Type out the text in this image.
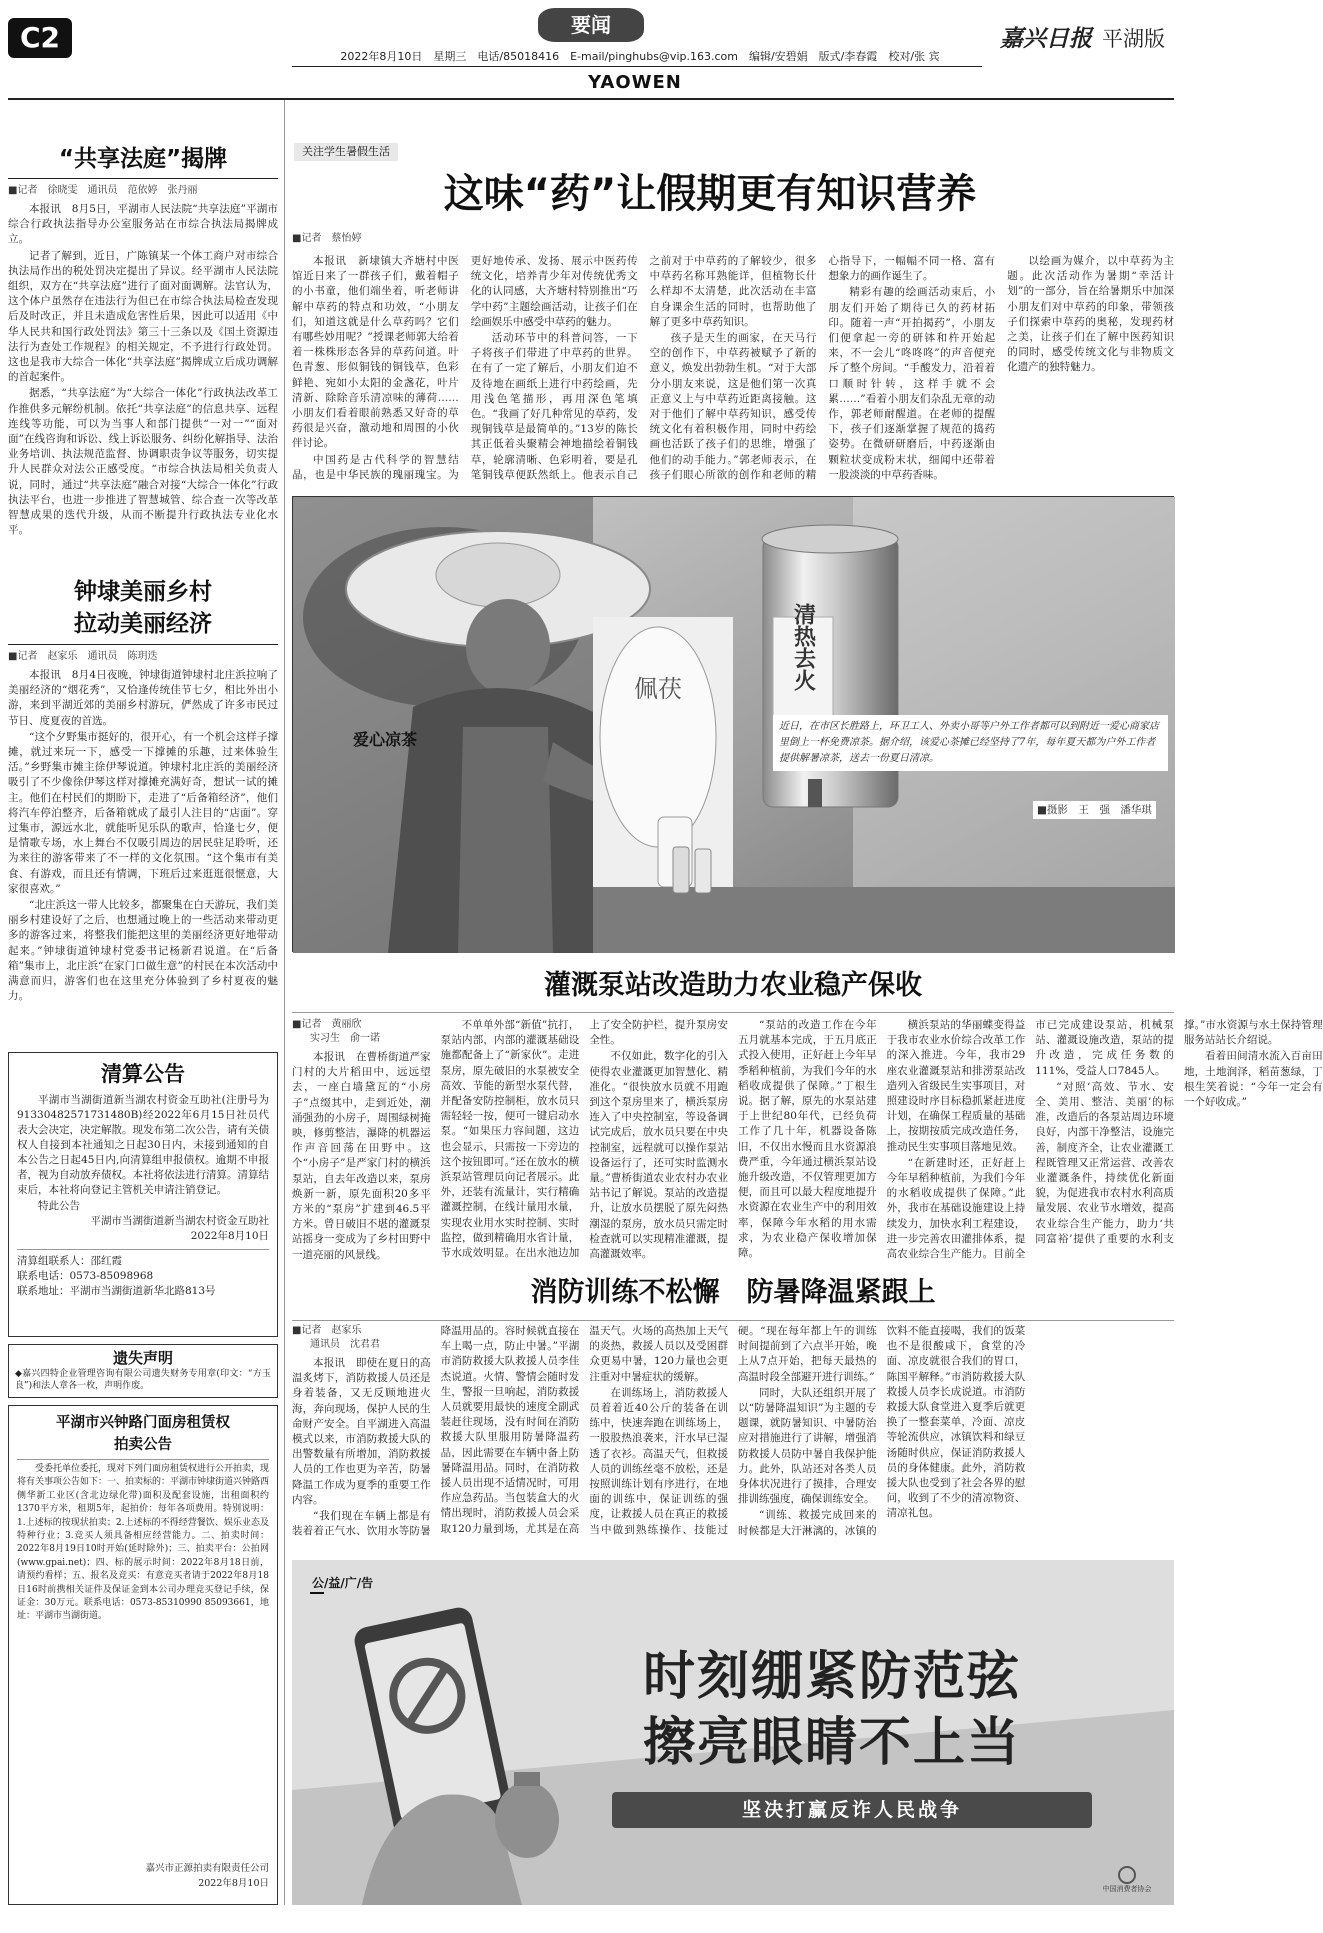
C2	要闻	嘉兴日报 平湖版
2022年8月10日　星期三　电话/85018416　E-mail/pinghubs@vip.163.com　编辑/安碧娟　版式/李春霞　校对/张 宾
YAOWEN
“共享法庭”揭牌
■记者　徐晓雯　通讯员　范依婷　张丹丽

本报讯　8月5日，平湖市人民法院“共享法庭”平湖市综合行政执法指导办公室服务站在市综合执法局揭牌成立。

记者了解到，近日，广陈镇某一个体工商户对市综合执法局作出的税处罚决定提出了异议。经平湖市人民法院组织，双方在“共享法庭”进行了面对面调解。法官认为，这个体户虽然存在违法行为但已在市综合执法局检查发现后及时改正，并且未造成危害性后果，因此可以适用《中华人民共和国行政处罚法》第三十三条以及《国土资源违法行为查处工作规程》的相关规定，不予进行行政处罚。这也是我市大综合一体化“共享法庭”揭牌成立后成功调解的首起案件。

据悉，“共享法庭”为“大综合一体化”行政执法改革工作推供多元解纷机制。依托“共享法庭”的信息共享、远程连线等功能，可以为当事人和部门提供“一对一”“面对面”在线咨询和诉讼、线上诉讼服务、纠纷化解指导、法治业务培训、执法规范监督、协调职责争议等服务，切实提升人民群众对法公正感受度。“市综合执法局相关负责人说，同时，通过“共享法庭”融合对接“大综合一体化”行政执法平台，也进一步推进了智慧城管、综合查一次等改革智慧成果的迭代升级，从而不断提升行政执法专业化水平。

钟埭美丽乡村
拉动美丽经济
■记者　赵家乐　通讯员　陈玥迭

本报讯　8月4日夜晚，钟埭街道钟埭村北庄浜拉响了美丽经济的“烟花秀”，又恰逢传统佳节七夕，相比外出小游，来到平湖近郊的美丽乡村游玩，俨然成了许多市民过节日、度夏夜的首选。

“这个夕野集市挺好的，很开心，有一个机会这样子撑摊，就过来玩一下，感受一下撑摊的乐趣，过来体验生活。”乡野集市摊主徐伊琴说道。钟埭村北庄浜的美丽经济吸引了不少像徐伊琴这样对撑摊充满好奇，想试一试的摊主。他们在村民们的期盼下，走进了“后备箱经济”，他们将汽车停泊整齐，后备箱就成了最引人注目的“店面”。穿过集市，源远水北，就能听见乐队的歌声，恰逢七夕，便是情歌专场，水上舞台不仅吸引周边的居民驻足聆听，还为来往的游客带来了不一样的文化氛围。“这个集市有美食、有游戏，而且还有情调，下班后过来逛逛很惬意，大家很喜欢。”

“北庄浜这一带人比较多，都聚集在白天游玩，我们美丽乡村建设好了之后，也想通过晚上的一些活动来带动更多的游客过来，将整我们能把这里的美丽经济更好地带动起来。”钟埭街道钟埭村党委书记杨新君说道。在“后备箱”集市上，北庄浜“在家门口做生意”的村民在本次活动中满意而归，游客们也在这里充分体验到了乡村夏夜的魅力。

清算公告

平湖市当湖街道新当湖农村资金互助社(注册号为91330482571731480B)经2022年6月15日社员代表大会决定，决定解散。现发布第二次公告，请有关债权人自接到本社通知之日起30日内，未接到通知的自本公告之日起45日内,向清算组申报债权。逾期不申报者，视为自动放弃债权。本社将依法进行清算。清算结束后，本社将向登记主管机关申请注销登记。

特此公告
平湖市当湖街道新当湖农村资金互助社
2022年8月10日
清算组联系人：邵红霞
联系电话：0573-85098968
联系地址：平湖市当湖街道新华北路813号
遗失声明
◆嘉兴四特企业管理咨询有限公司遗失财务专用章(印文：“方玉良”)和法人章各一枚，声明作废。
平湖市兴钟路门面房租赁权
拍卖公告

受委托单位委托，现对下列门面房租赁权进行公开拍卖，现将有关事项公告如下：一、拍卖标的：平湖市钟埭街道兴钟路西侧华新工业区(含北边绿化带)面积及配套设施，出租面积约1370平方米，租期5年，起拍价：每年各项费用。特别说明：1.上述标的按现状拍卖；2.上述标的不得经营餐饮、娱乐业态及特种行业；3.竞买人须具备相应经营能力。二、拍卖时间：2022年8月19日10时开始(延时除外)；三、拍卖平台：公拍网(www.gpai.net)；四、标的展示时间：2022年8月18日前，请预约看样；五、报名及竞买：有意竞买者请于2022年8月18日16时前携相关证件及保证金到本公司办理竞买登记手续，保证金：30万元。联系电话：0573-85310990 85093661，地址：平湖市当湖街道。

嘉兴市正源拍卖有限责任公司
2022年8月10日
关注学生暑假生活
这味“药”让假期更有知识营养
■记者　蔡怡婷

本报讯　新埭镇大齐塘村中医馆近日来了一群孩子们，戴着帽子的小书童，他们端坐着，听老师讲解中草药的特点和功效，“小朋友们，知道这就是什么草药吗？它们有哪些妙用呢？”授课老师郭大给着着一株株形态各异的草药问道。叶色青葱、形似铜钱的铜钱草，色彩鲜艳、宛如小太阳的金盏花，叶片清新、除除音乐清凉味的薄荷……小朋友们看着眼前熟悉又好奇的草药很是兴奋，激动地和周围的小伙伴讨论。

中国药是古代科学的智慧结晶，也是中华民族的瑰丽瑰宝。为更好地传承、发扬、展示中医药传统文化，培养青少年对传统优秀文化的认同感，大齐塘村特别推出“巧学中药”主题绘画活动，让孩子们在绘画娱乐中感受中草药的魅力。

活动环节中的科普问答，一下子将孩子们带进了中草药的世界。在有了一定了解后，小朋友们迫不及待地在画纸上进行中药绘画，先用浅色笔描形，再用深色笔填色。“我画了好几种常见的草药，发现铜钱草是最简单的。”13岁的陈长其正低着头聚精会神地描绘着铜钱草，轮廓清晰、色彩明着，要是孔笔铜钱草便跃然纸上。他表示自己之前对于中草药的了解较少，很多中草药名称耳熟能详，但植物长什么样却不太清楚，此次活动在丰富自身课余生活的同时，也帮助他了解了更多中草药知识。

孩子是天生的画家，在天马行空的创作下，中草药被赋予了新的意义，焕发出勃勃生机。“对于大部分小朋友来说，这是他们第一次真正意义上与中草药近距离接触。这对于他们了解中草药知识，感受传统文化有着积极作用，同时中药绘画也活跃了孩子们的思维，增强了他们的动手能力。”郭老师表示，在孩子们眼心所欲的创作和老师的精心指导下，一幅幅不同一格、富有想象力的画作诞生了。

精彩有趣的绘画活动束后，小朋友们开始了期待已久的药材拓印。随着一声“开拍揭药”，小朋友们便拿起一旁的研钵和杵开始起来，不一会儿“咚咚咚”的声音便充斥了整个房间。“手酸发力，沿着着口顺时针转，这样手就不会累……”看着小朋友们杂乱无章的动作，郭老师耐醒道。在老师的提醒下，孩子们逐渐掌握了规范的捣药姿势。在微研研磨后，中药逐渐由颗粒状变成粉末状，细闻中还带着一股淡淡的中草药香味。

以绘画为媒介，以中草药为主题。此次活动作为暑期“幸活计划”的一部分，旨在给暑期乐中加深小朋友们对中草药的印象，带领孩子们探索中草药的奥秘，发现药材之美，让孩子们在了解中医药知识的同时，感受传统文化与非物质文化遗产的独特魅力。

佩茯	清热去火
爱心凉茶
近日，在市区长胜路上，环卫工人、外卖小哥等户外工作者都可以到附近一爱心商家店里倒上一杯免费凉茶。据介绍，该爱心茶摊已经坚持了7年，每年夏天都为户外工作者提供解暑凉茶，送去一份夏日清凉。
■摄影　王　强　潘华琪
灌溉泵站改造助力农业稳产保收
■记者　黄丽欣
实习生　俞一诺

本报讯　在曹桥街道严家门村的大片稻田中，远远望去，一座白墙黛瓦的“小房子”点缀其中，走到近处，潮涌强劲的小房子，周围绿树掩映，修剪整洁，瀑降的机器运作声音回荡在田野中。这个“小房子”是严家门村的横浜泵站，自去年改造以来，泵房焕新一新，原先面积20多平方米的“泵房”扩建到46.5平方米。曾日破旧不堪的灌溉泵站摇身一变成为了乡村田野中一道亮丽的风景线。

不单单外部“新值”抗打，泵站内部，内部的灌溉基础设施都配备上了“新家伙”。走进泵房，原先破旧的水泵被安全高效、节能的新型水泵代替，并配备安防控制柜，放水员只需轻轻一按，便可一键启动水泵。“如果压力容间题，这边也会显示，只需按一下旁边的这个按钮即可。”还在放水的横浜泵站管理员向记者展示。此外，还装有流量计，实行精确灌溉控制，在线计量用水量，实现农业用水实时控制、实时监控，做到精确用水省计量，节水成效明显。在出水池边加上了安全防护栏，提升泵房安全性。

不仅如此，数字化的引入使得农业灌溉更加智慧化、精准化。“很快放水员就不用跑到这个泵房里来了，横浜泵房连入了中央控制室，等设备调试完成后，放水员只要在中央控制室，远程就可以操作泵站设备运行了，还可实时监测水量。”曹桥街道农业农村办农业站书记了解说。泵站的改造提升，让放水员摆脱了原先闷热潮湿的泵房，放水员只需定时检查就可以实现精准灌溉，提高灌溉效率。

“泵站的改造工作在今年五月就基本完成，于五月底正式投入使用，正好赶上今年早季稻种植前，为我们今年的水稻收成提供了保障。”丁根生说。据了解，原先的水泵站建于上世纪80年代，已经负荷工作了几十年，机器设备陈旧，不仅出水慢而且水资源浪费严重，今年通过横浜泵站设施升级改造，不仅管理更加方便，而且可以最大程度地提升水资源在农业生产中的利用效率，保障今年水稻的用水需求，为农业稳产保收增加保障。

横浜泵站的华丽蝶变得益于我市农业水价综合改革工作的深入推进。今年，我市29座农业灌溉泵站和排涝泵站改造列入省级民生实事项目，对照建设时序目标稳抓紧赶进度计划，在确保工程质量的基础上，按期按质完成改造任务，推动民生实事项目落地见效。

“在新建时还，正好赶上今年早稻种植前，为我们今年的水稻收成提供了保障。”此外，我市在基础设施建设上持续发力，加快水利工程建设，进一步完善农田灌排体系，提高农业综合生产能力。目前全市已完成建设泵站，机械泵站、灌溉设施改造，泵站的提升改造，完成任务数的111%，受益人口7845人。

“对照‘高效、节水、安全、美用、整洁、美丽’的标准，改造后的各泵站周边环境良好，内部干净整洁，设施完善，制度齐全，让农业灌溉工程既管理又正常运营、改善农业灌溉条件，持续优化新面貌，为促进我市农村水利高质量发展、农业节水增效，提高农业综合生产能力，助力‘共同富裕’提供了重要的水利支撑。”市水资源与水土保持管理服务站站长介绍说。

看着田间清水流入百亩田地，土地润泽，稻苗葱绿，丁根生笑着说：“今年一定会有一个好收成。”

消防训练不松懈　防暑降温紧跟上
■记者　赵家乐
通讯员　沈君君

本报讯　即使在夏日的高温炙烤下，消防救援人员还是身着装备，又无反顾地进火海，奔向现场，保护人民的生命财产安全。自平湖进入高温模式以来，市消防救援大队的出警数量有所增加，消防救援人员的工作也更为辛苦，防暑降温工作成为夏季的重要工作内容。

“我们现在车辆上都是有装着着正气水、饮用水等防暑降温用品的。容时候就直接在车上喝一点，防止中暑。”平湖市消防救援大队救援人员李佳杰说道。火情、警情会随时发生，警报一旦响起，消防救援人员就要用最快的速度全副武装赶往现场，没有时间在消防救援大队里服用防暑降温药品，因此需要在车辆中备上防暑降温用品。同时，在消防救援人员出现不适情况时，可用作应急药品。当包装盒大的火情出现时，消防救援人员会采取120力量到场，尤其是在高温天气。火场的高热加上天气的炎热，救援人员以及受困群众更易中暑，120力量也会更注重对中暑症状的缓解。

在训练场上，消防救援人员着着近40公斤的装备在训练中，快速奔跑在训练场上，一股股热浪袭来，汗水早已湿透了衣衫。高温天气，但救援人员的训练丝毫不放松，还是按照训练计划有序进行，在地面的训练中，保证训练的强度，让救援人员在真正的救援当中做到熟练操作、技能过硬。“现在每年都上午的训练时间提前到了六点半开始，晚上从7点开始，把每天最热的高温时段全部避开进行训练。”

同时，大队还组织开展了以“防暑降温知识”为主题的专题课，就防暑知识、中暑防治应对措施进行了讲解，增强消防救援人员防中暑自我保护能力。此外，队站还对各类人员身体状况进行了摸排，合理安排训练强度，确保训练安全。

“训练、救援完成回来的时候都是大汗淋漓的，冰镇的饮料不能直接喝，我们的饭菜也不是很酸咸下，食堂的冷面、凉皮就很合我们的胃口，陈国平解释。”市消防救援大队救援人员李长成说道。市消防救援大队食堂进入夏季后就更换了一整套菜单，冷面、凉皮等轮流供应，冰镇饮料和绿豆汤随时供应，保证消防救援人员的身体健康。此外，消防救援大队也受到了社会各界的慰问，收到了不少的清凉物资、清凉礼包。

公/益/广/告
时刻绷紧防范弦
擦亮眼睛不上当
坚决打赢反诈人民战争
中国消费者协会
